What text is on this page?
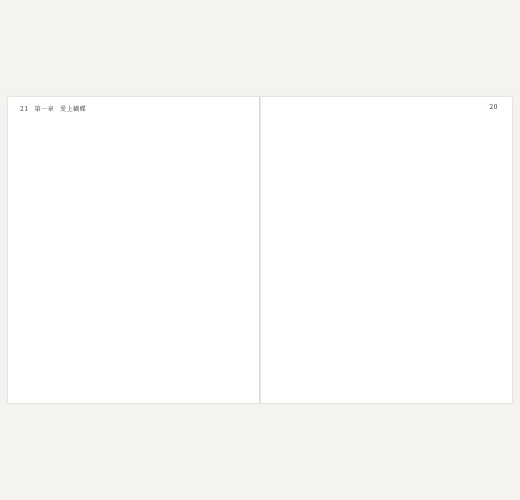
21 第一章 愛上蝴蝶	20
